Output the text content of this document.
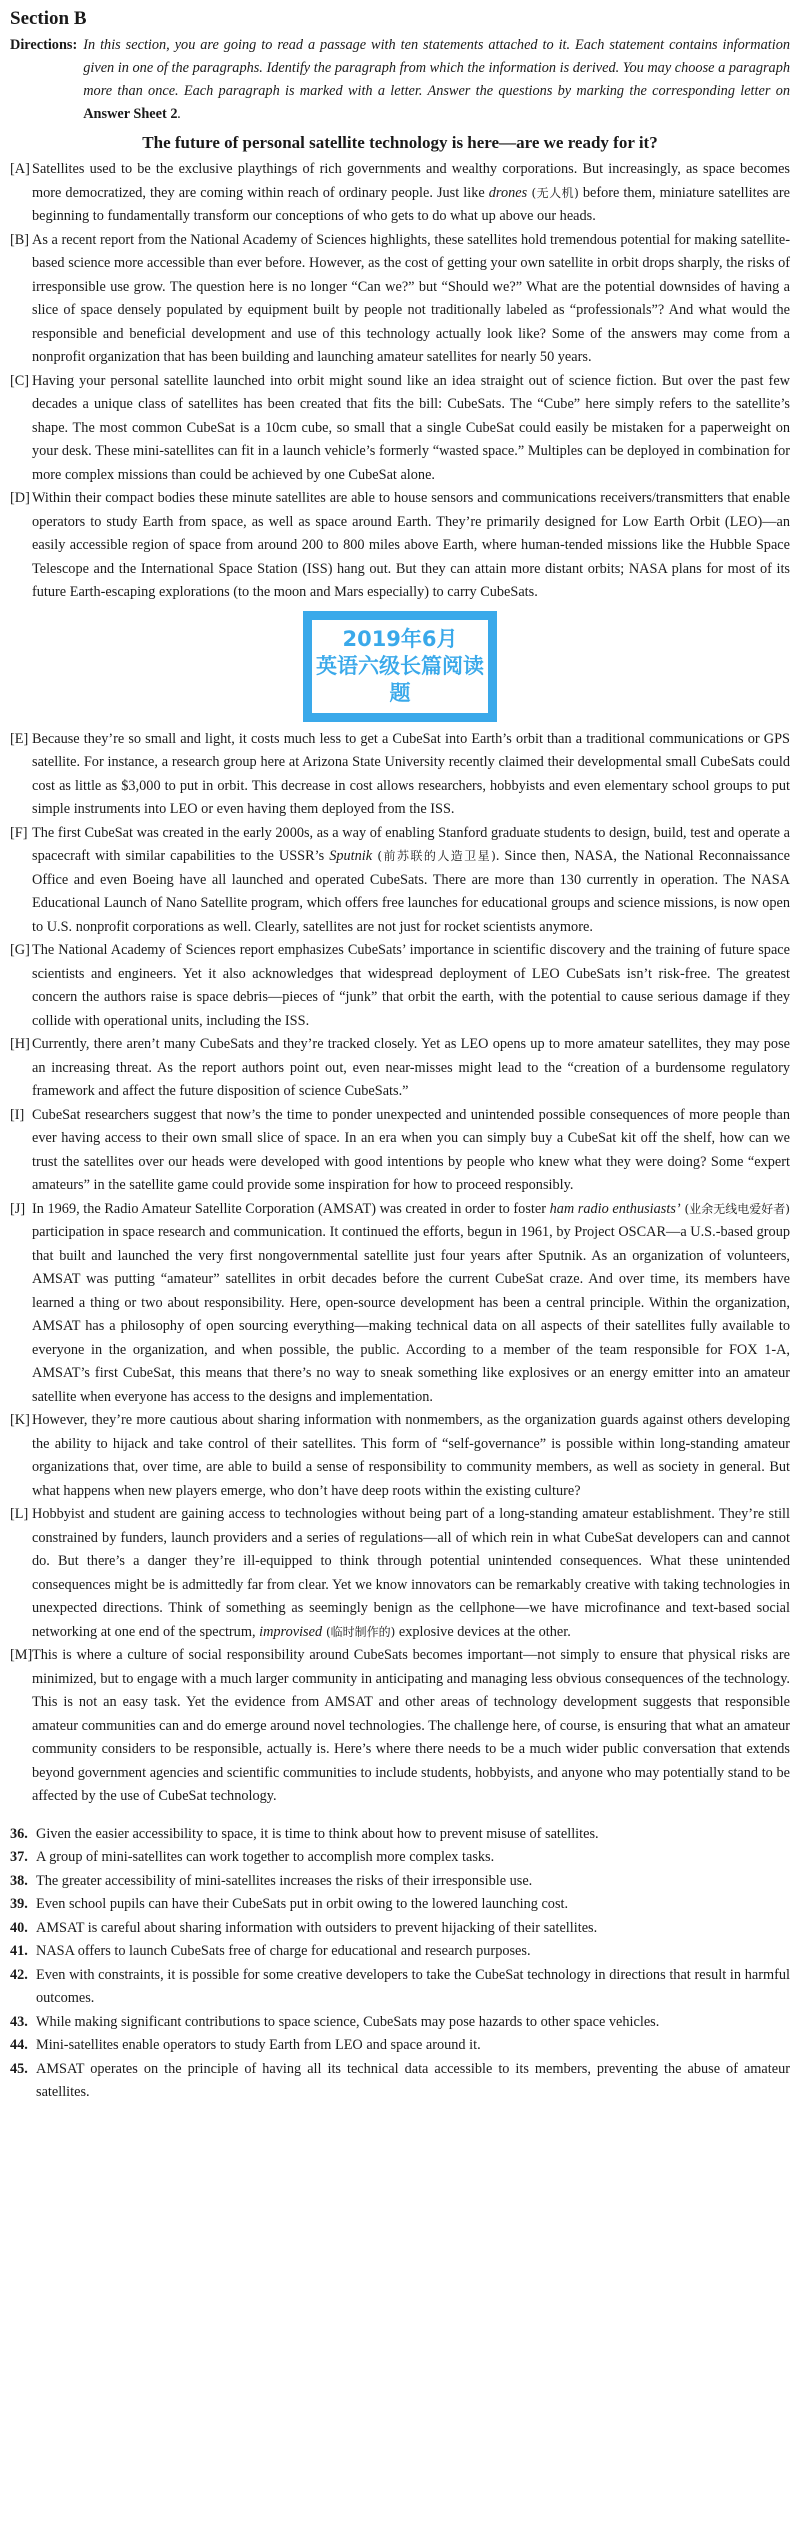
华研外语
Section B
Directions: In this section, you are going to read a passage with ten statements attached to it. Each statement contains information given in one of the paragraphs. Identify the paragraph from which the information is derived. You may choose a paragraph more than once. Each paragraph is marked with a letter. Answer the questions by marking the corresponding letter on Answer Sheet 2.
The future of personal satellite technology is here—are we ready for it?
[A] Satellites used to be the exclusive playthings of rich governments and wealthy corporations. But increasingly, as space becomes more democratized, they are coming within reach of ordinary people. Just like drones (无人机) before them, miniature satellites are beginning to fundamentally transform our conceptions of who gets to do what up above our heads.
[B] As a recent report from the National Academy of Sciences highlights, these satellites hold tremendous potential for making satellite-based science more accessible than ever before. However, as the cost of getting your own satellite in orbit drops sharply, the risks of irresponsible use grow. The question here is no longer “Can we?” but “Should we?” What are the potential downsides of having a slice of space densely populated by equipment built by people not traditionally labeled as “professionals”? And what would the responsible and beneficial development and use of this technology actually look like? Some of the answers may come from a nonprofit organization that has been building and launching amateur satellites for nearly 50 years.
[C] Having your personal satellite launched into orbit might sound like an idea straight out of science fiction. But over the past few decades a unique class of satellites has been created that fits the bill: CubeSats. The “Cube” here simply refers to the satellite’s shape. The most common CubeSat is a 10cm cube, so small that a single CubeSat could easily be mistaken for a paperweight on your desk. These mini-satellites can fit in a launch vehicle’s formerly “wasted space.” Multiples can be deployed in combination for more complex missions than could be achieved by one CubeSat alone.
[D] Within their compact bodies these minute satellites are able to house sensors and communications receivers/transmitters that enable operators to study Earth from space, as well as space around Earth. They’re primarily designed for Low Earth Orbit (LEO)—an easily accessible region of space from around 200 to 800 miles above Earth, where human-tended missions like the Hubble Space Telescope and the International Space Station (ISS) hang out. But they can attain more distant orbits; NASA plans for most of its future Earth-escaping explorations (to the moon and Mars especially) to carry CubeSats.
2019年6月
英语六级长篇阅读题
[E] Because they’re so small and light, it costs much less to get a CubeSat into Earth’s orbit than a traditional communications or GPS satellite. For instance, a research group here at Arizona State University recently claimed their developmental small CubeSats could cost as little as $3,000 to put in orbit. This decrease in cost allows researchers, hobbyists and even elementary school groups to put simple instruments into LEO or even having them deployed from the ISS.
[F] The first CubeSat was created in the early 2000s, as a way of enabling Stanford graduate students to design, build, test and operate a spacecraft with similar capabilities to the USSR’s Sputnik (前苏联的人造卫星). Since then, NASA, the National Reconnaissance Office and even Boeing have all launched and operated CubeSats. There are more than 130 currently in operation. The NASA Educational Launch of Nano Satellite program, which offers free launches for educational groups and science missions, is now open to U.S. nonprofit corporations as well. Clearly, satellites are not just for rocket scientists anymore.
[G] The National Academy of Sciences report emphasizes CubeSats’ importance in scientific discovery and the training of future space scientists and engineers. Yet it also acknowledges that widespread deployment of LEO CubeSats isn’t risk-free. The greatest concern the authors raise is space debris—pieces of “junk” that orbit the earth, with the potential to cause serious damage if they collide with operational units, including the ISS.
[H] Currently, there aren’t many CubeSats and they’re tracked closely. Yet as LEO opens up to more amateur satellites, they may pose an increasing threat. As the report authors point out, even near-misses might lead to the “creation of a burdensome regulatory framework and affect the future disposition of science CubeSats.”
[I] CubeSat researchers suggest that now’s the time to ponder unexpected and unintended possible consequences of more people than ever having access to their own small slice of space. In an era when you can simply buy a CubeSat kit off the shelf, how can we trust the satellites over our heads were developed with good intentions by people who knew what they were doing? Some “expert amateurs” in the satellite game could provide some inspiration for how to proceed responsibly.
[J] In 1969, the Radio Amateur Satellite Corporation (AMSAT) was created in order to foster ham radio enthusiasts’ (业余无线电爱好者) participation in space research and communication. It continued the efforts, begun in 1961, by Project OSCAR—a U.S.-based group that built and launched the very first nongovernmental satellite just four years after Sputnik. As an organization of volunteers, AMSAT was putting “amateur” satellites in orbit decades before the current CubeSat craze. And over time, its members have learned a thing or two about responsibility. Here, open-source development has been a central principle. Within the organization, AMSAT has a philosophy of open sourcing everything—making technical data on all aspects of their satellites fully available to everyone in the organization, and when possible, the public. According to a member of the team responsible for FOX 1-A, AMSAT’s first CubeSat, this means that there’s no way to sneak something like explosives or an energy emitter into an amateur satellite when everyone has access to the designs and implementation.	华研外语
[K] However, they’re more cautious about sharing information with nonmembers, as the organization guards against others developing the ability to hijack and take control of their satellites. This form of “self-governance” is possible within long-standing amateur organizations that, over time, are able to build a sense of responsibility to community members, as well as society in general. But what happens when new players emerge, who don’t have deep roots within the existing culture?
[L] Hobbyist and student are gaining access to technologies without being part of a long-standing amateur establishment. They’re still constrained by funders, launch providers and a series of regulations—all of which rein in what CubeSat developers can and cannot do. But there’s a danger they’re ill-equipped to think through potential unintended consequences. What these unintended consequences might be is admittedly far from clear. Yet we know innovators can be remarkably creative with taking technologies in unexpected directions. Think of something as seemingly benign as the cellphone—we have microfinance and text-based social networking at one end of the spectrum, improvised (临时制作的) explosive devices at the other.
[M] This is where a culture of social responsibility around CubeSats becomes important—not simply to ensure that physical risks are minimized, but to engage with a much larger community in anticipating and managing less obvious consequences of the technology. This is not an easy task. Yet the evidence from AMSAT and other areas of technology development suggests that responsible amateur communities can and do emerge around novel technologies. The challenge here, of course, is ensuring that what an amateur community considers to be responsible, actually is. Here’s where there needs to be a much wider public conversation that extends beyond government agencies and scientific communities to include students, hobbyists, and anyone who may potentially stand to be affected by the use of CubeSat technology.	华研外语
36. Given the easier accessibility to space, it is time to think about how to prevent misuse of satellites.
37. A group of mini-satellites can work together to accomplish more complex tasks.
38. The greater accessibility of mini-satellites increases the risks of their irresponsible use.
39. Even school pupils can have their CubeSats put in orbit owing to the lowered launching cost.
40. AMSAT is careful about sharing information with outsiders to prevent hijacking of their satellites.
41. NASA offers to launch CubeSats free of charge for educational and research purposes.
42. Even with constraints, it is possible for some creative developers to take the CubeSat technology in directions that result in harmful outcomes.
43. While making significant contributions to space science, CubeSats may pose hazards to other space vehicles.
44. Mini-satellites enable operators to study Earth from LEO and space around it.
45. AMSAT operates on the principle of having all its technical data accessible to its members, preventing the abuse of amateur satellites.
